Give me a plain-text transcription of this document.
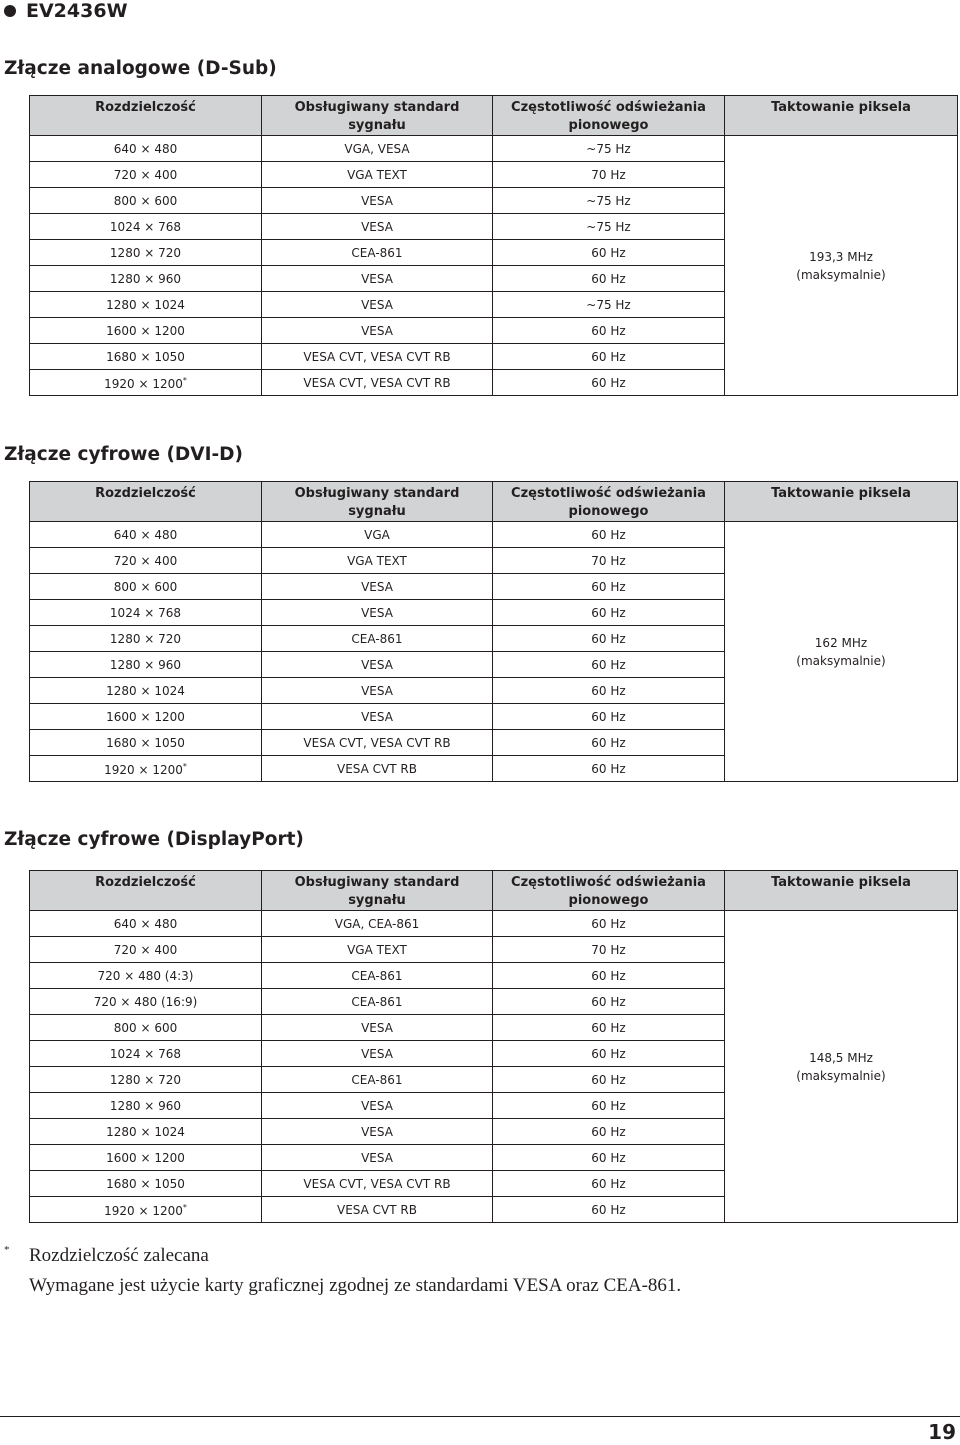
EV2436W
Złącze analogowe (D-Sub)
Rozdzielczość	Obsługiwany standard sygnału	Częstotliwość odświeżania pionowego	Taktowanie piksela
640 × 480	VGA, VESA	~75 Hz	193,3 MHz
(maksymalnie)

720 × 400	VGA TEXT	70 Hz	
800 × 600	VESA	~75 Hz	
1024 × 768	VESA	~75 Hz	
1280 × 720	CEA-861	60 Hz	
1280 × 960	VESA	60 Hz	
1280 × 1024	VESA	~75 Hz	
1600 × 1200	VESA	60 Hz	
1680 × 1050	VESA CVT, VESA CVT RB	60 Hz	
1920 × 1200*	VESA CVT, VESA CVT RB	60 Hz	
Złącze cyfrowe (DVI-D)
Rozdzielczość	Obsługiwany standard sygnału	Częstotliwość odświeżania pionowego	Taktowanie piksela
640 × 480	VGA	60 Hz	162 MHz
(maksymalnie)

720 × 400	VGA TEXT	70 Hz	
800 × 600	VESA	60 Hz	
1024 × 768	VESA	60 Hz	
1280 × 720	CEA-861	60 Hz	
1280 × 960	VESA	60 Hz	
1280 × 1024	VESA	60 Hz	
1600 × 1200	VESA	60 Hz	
1680 × 1050	VESA CVT, VESA CVT RB	60 Hz	
1920 × 1200*	VESA CVT RB	60 Hz	
Złącze cyfrowe (DisplayPort)
Rozdzielczość	Obsługiwany standard sygnału	Częstotliwość odświeżania pionowego	Taktowanie piksela
640 × 480	VGA, CEA-861	60 Hz	148,5 MHz
(maksymalnie)

720 × 400	VGA TEXT	70 Hz	
720 × 480 (4:3)	CEA-861	60 Hz	
720 × 480 (16:9)	CEA-861	60 Hz	
800 × 600	VESA	60 Hz	
1024 × 768	VESA	60 Hz	
1280 × 720	CEA-861	60 Hz	
1280 × 960	VESA	60 Hz	
1280 × 1024	VESA	60 Hz	
1600 × 1200	VESA	60 Hz	
1680 × 1050	VESA CVT, VESA CVT RB	60 Hz	
1920 × 1200*	VESA CVT RB	60 Hz	
* Rozdzielczość zalecana
Wymagane jest użycie karty graficznej zgodnej ze standardami VESA oraz CEA-861.
19
